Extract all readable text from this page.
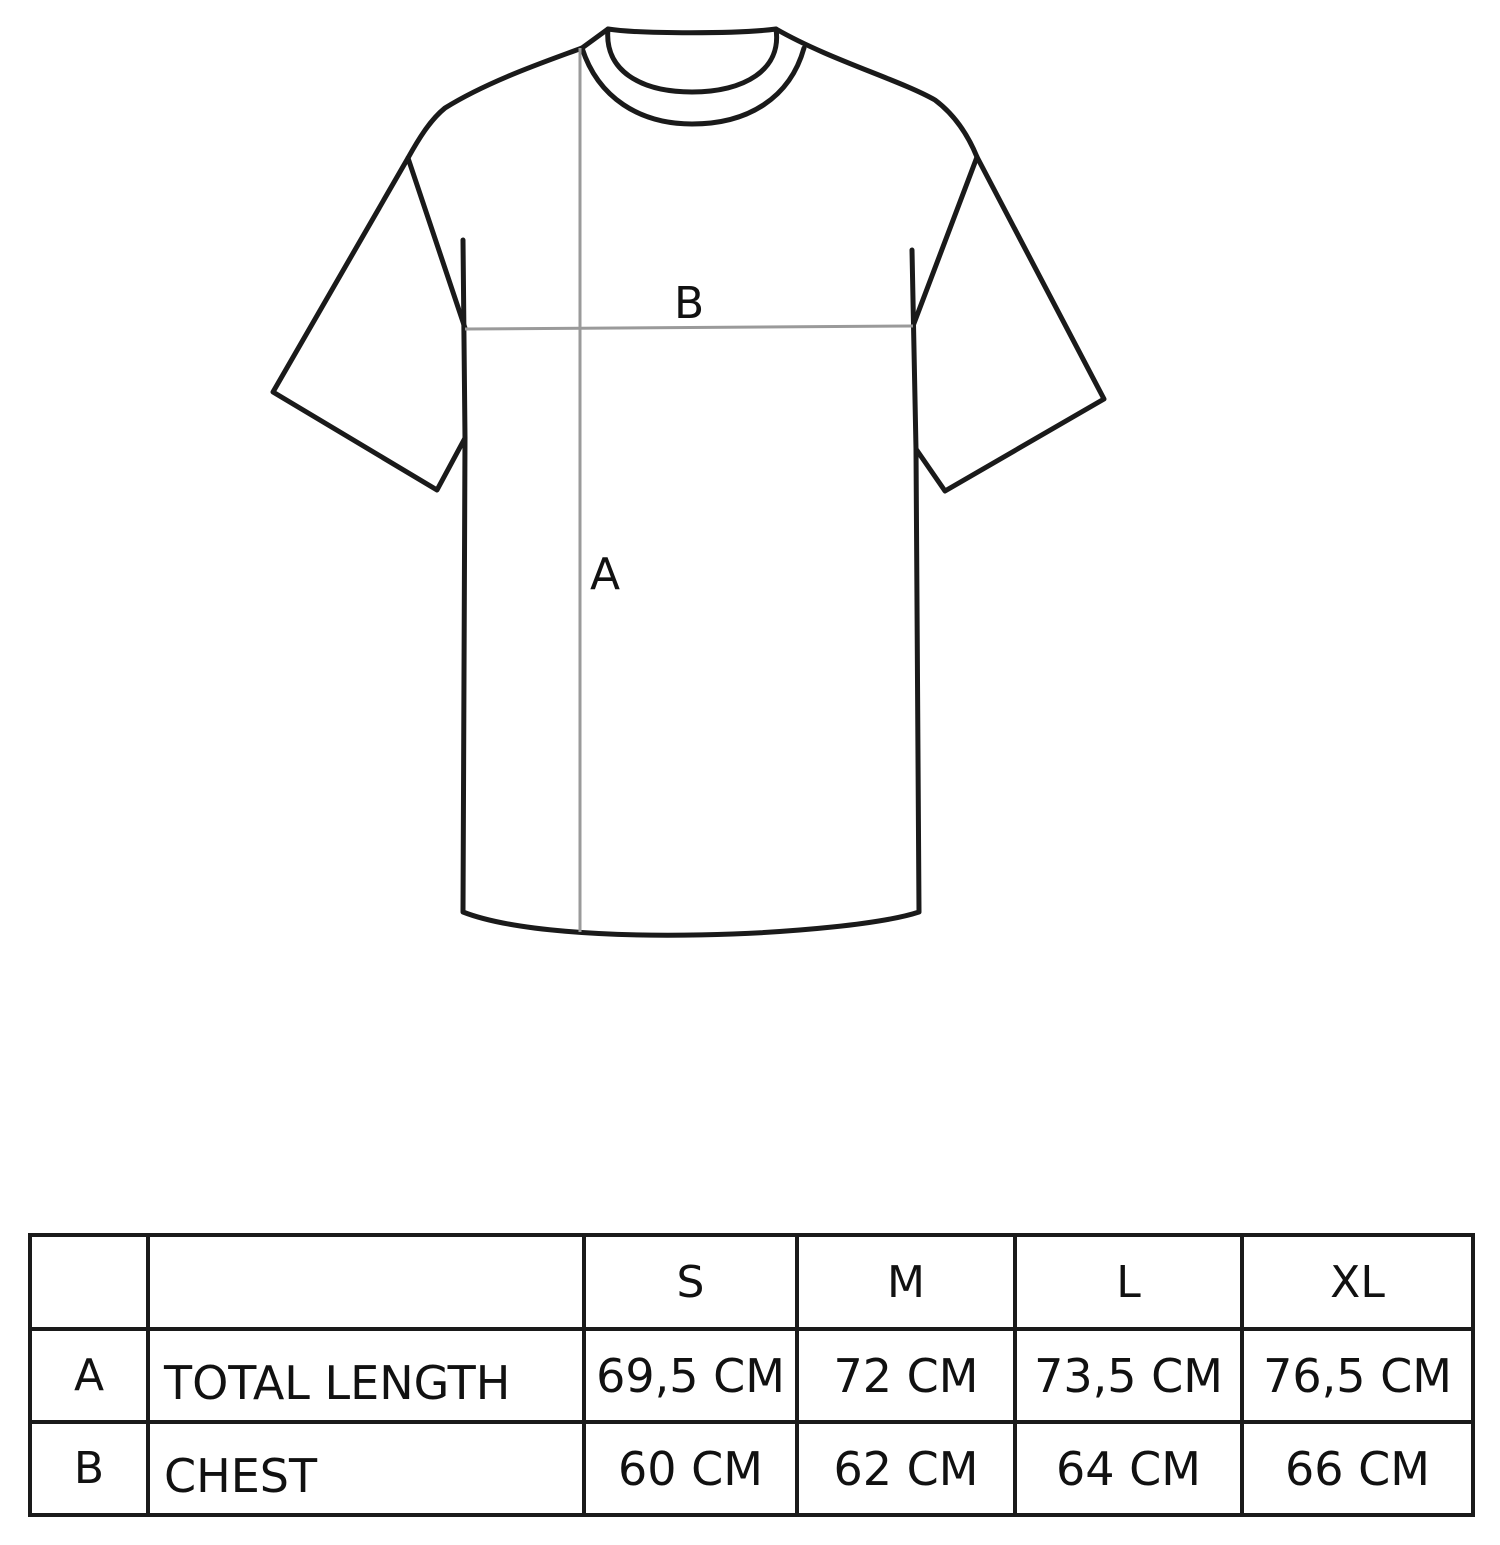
A
B
		S	M	L	XL
A	TOTAL LENGTH	69,5 CM	72 CM	73,5 CM	76,5 CM
B	CHEST	60 CM	62 CM	64 CM	66 CM
